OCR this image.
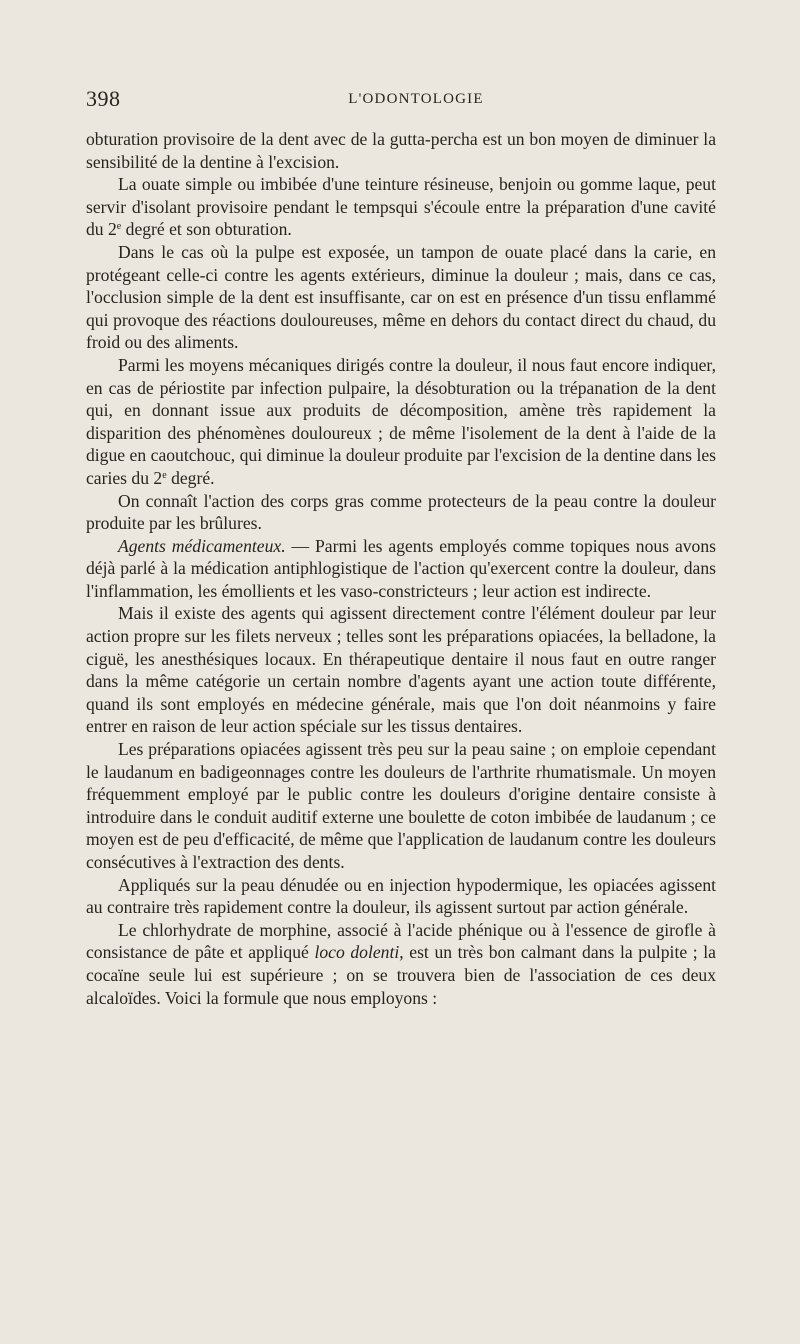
398	L'ODONTOLOGIE

obturation provisoire de la dent avec de la gutta-percha est un bon moyen de diminuer la sensibilité de la dentine à l'excision.

La ouate simple ou imbibée d'une teinture résineuse, benjoin ou gomme laque, peut servir d'isolant provisoire pendant le tempsqui s'écoule entre la préparation d'une cavité du 2e degré et son obturation.

Dans le cas où la pulpe est exposée, un tampon de ouate placé dans la carie, en protégeant celle-ci contre les agents extérieurs, diminue la douleur ; mais, dans ce cas, l'occlusion simple de la dent est insuffisante, car on est en présence d'un tissu enflammé qui provoque des réactions douloureuses, même en dehors du contact direct du chaud, du froid ou des aliments.

Parmi les moyens mécaniques dirigés contre la douleur, il nous faut encore indiquer, en cas de périostite par infection pulpaire, la désobturation ou la trépanation de la dent qui, en donnant issue aux produits de décomposition, amène très rapidement la disparition des phénomènes douloureux ; de même l'isolement de la dent à l'aide de la digue en caoutchouc, qui diminue la douleur produite par l'excision de la dentine dans les caries du 2e degré.

On connaît l'action des corps gras comme protecteurs de la peau contre la douleur produite par les brûlures.

Agents médicamenteux. — Parmi les agents employés comme topiques nous avons déjà parlé à la médication antiphlogistique de l'action qu'exercent contre la douleur, dans l'inflammation, les émollients et les vaso-constricteurs ; leur action est indirecte.

Mais il existe des agents qui agissent directement contre l'élément douleur par leur action propre sur les filets nerveux ; telles sont les préparations opiacées, la belladone, la ciguë, les anesthésiques locaux. En thérapeutique dentaire il nous faut en outre ranger dans la même catégorie un certain nombre d'agents ayant une action toute différente, quand ils sont employés en médecine générale, mais que l'on doit néanmoins y faire entrer en raison de leur action spéciale sur les tissus dentaires.

Les préparations opiacées agissent très peu sur la peau saine ; on emploie cependant le laudanum en badigeonnages contre les douleurs de l'arthrite rhumatismale. Un moyen fréquemment employé par le public contre les douleurs d'origine dentaire consiste à introduire dans le conduit auditif externe une boulette de coton imbibée de laudanum ; ce moyen est de peu d'efficacité, de même que l'application de laudanum contre les douleurs consécutives à l'extraction des dents.

Appliqués sur la peau dénudée ou en injection hypodermique, les opiacées agissent au contraire très rapidement contre la douleur, ils agissent surtout par action générale.

Le chlorhydrate de morphine, associé à l'acide phénique ou à l'essence de girofle à consistance de pâte et appliqué loco dolenti, est un très bon calmant dans la pulpite ; la cocaïne seule lui est supérieure ; on se trouvera bien de l'association de ces deux alcaloïdes. Voici la formule que nous employons :
